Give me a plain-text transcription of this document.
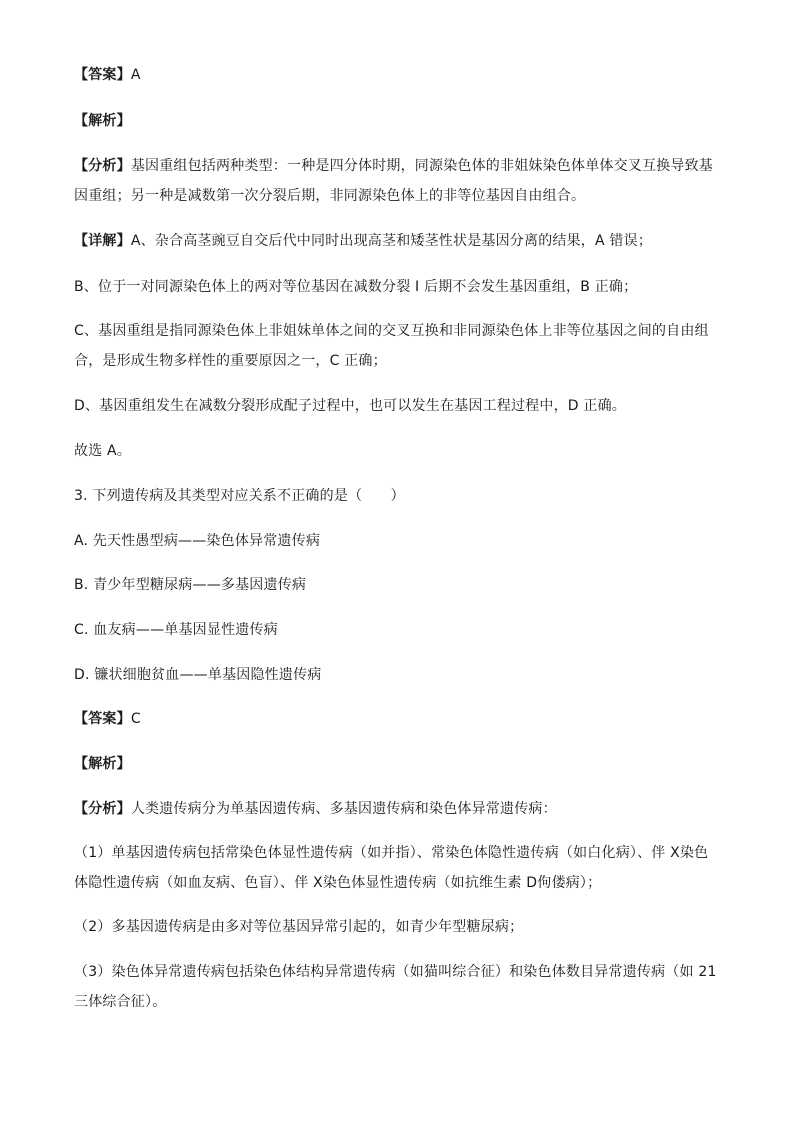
【答案】A

【解析】

【分析】基因重组包括两种类型：一种是四分体时期，同源染色体的非姐妹染色体单体交叉互换导致基因重组；另一种是减数第一次分裂后期，非同源染色体上的非等位基因自由组合。

【详解】A、杂合高茎豌豆自交后代中同时出现高茎和矮茎性状是基因分离的结果，A 错误；

B、位于一对同源染色体上的两对等位基因在减数分裂 I 后期不会发生基因重组，B 正确；

C、基因重组是指同源染色体上非姐妹单体之间的交叉互换和非同源染色体上非等位基因之间的自由组合，是形成生物多样性的重要原因之一，C 正确；

D、基因重组发生在减数分裂形成配子过程中，也可以发生在基因工程过程中，D 正确。

故选 A。

3. 下列遗传病及其类型对应关系不正确的是（　　）

A. 先天性愚型病——染色体异常遗传病

B. 青少年型糖尿病——多基因遗传病

C. 血友病——单基因显性遗传病

D. 镰状细胞贫血——单基因隐性遗传病

【答案】C

【解析】

【分析】人类遗传病分为单基因遗传病、多基因遗传病和染色体异常遗传病：

（1）单基因遗传病包括常染色体显性遗传病（如并指）、常染色体隐性遗传病（如白化病）、伴 X染色体隐性遗传病（如血友病、色盲）、伴 X染色体显性遗传病（如抗维生素 D佝偻病）；

（2）多基因遗传病是由多对等位基因异常引起的，如青少年型糖尿病；

（3）染色体异常遗传病包括染色体结构异常遗传病（如猫叫综合征）和染色体数目异常遗传病（如 21三体综合征）。
